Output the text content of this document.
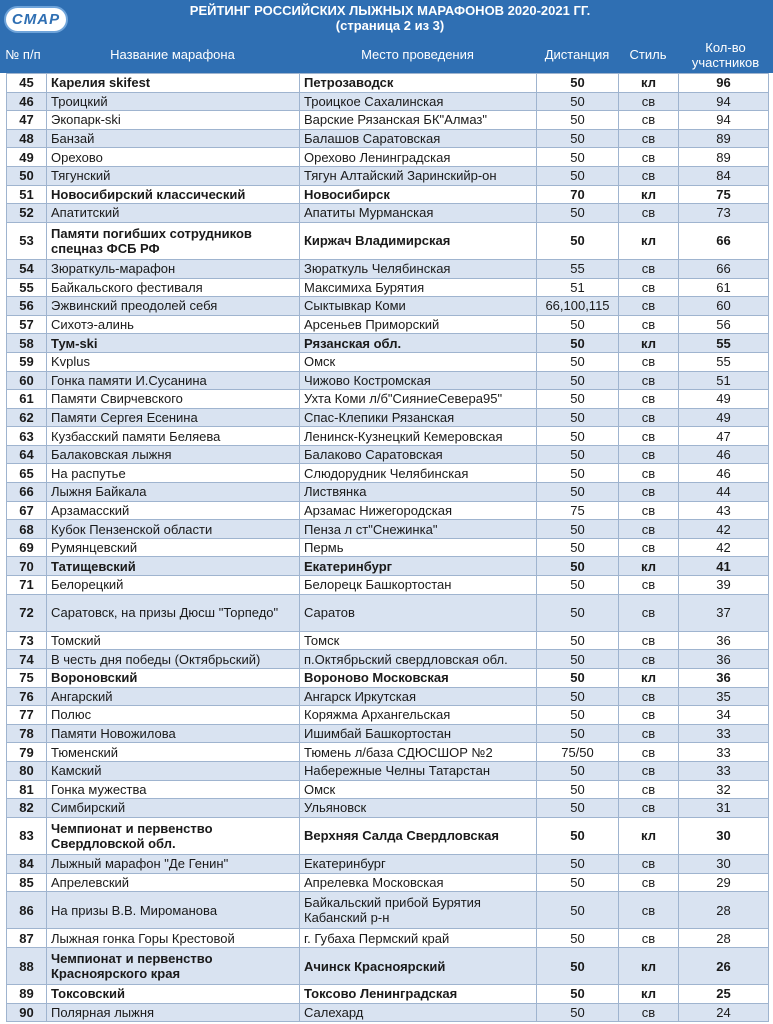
СМАР
РЕЙТИНГ РОССИЙСКИХ ЛЫЖНЫХ МАРАФОНОВ 2020-2021 ГГ.
(страница 2 из 3)
№ п/п	Название марафона	Место проведения	Дистанция	Стиль	Кол-во участников
45	Карелия skifest	Петрозаводск	50	кл	96
46	Троицкий	Троицкое Сахалинская	50	св	94
47	Экопарк-ski	Варские Рязанская БК"Алмаз"	50	св	94
48	Банзай	Балашов Саратовская	50	св	89
49	Орехово	Орехово Ленинградская	50	св	89
50	Тягунский	Тягун Алтайский Заринскийр-он	50	св	84
51	Новосибирский классический	Новосибирск	70	кл	75
52	Апатитский	Апатиты Мурманская	50	св	73
53	Памяти погибших сотрудников спецназ ФСБ РФ	Киржач Владимирская	50	кл	66
54	Зюраткуль-марафон	Зюраткуль Челябинская	55	св	66
55	Байкальского фестиваля	Максимиха Бурятия	51	св	61
56	Эжвинский преодолей себя	Сыктывкар Коми	66,100,115	св	60
57	Сихотэ-алинь	Арсеньев Приморский	50	св	56
58	Тум-ski	Рязанская обл.	50	кл	55
59	Kvplus	Омск	50	св	55
60	Гонка памяти И.Сусанина	Чижово Костромская	50	св	51
61	Памяти Свирчевского	Ухта Коми л/б"СияниеСевера95"	50	св	49
62	Памяти Сергея Есенина	Спас-Клепики Рязанская	50	св	49
63	Кузбасский памяти Беляева	Ленинск-Кузнецкий Кемеровская	50	св	47
64	Балаковская лыжня	Балаково Саратовская	50	св	46
65	На распутье	Слюдорудник Челябинская	50	св	46
66	Лыжня Байкала	Листвянка	50	св	44
67	Арзамасский	Арзамас Нижегородская	75	св	43
68	Кубок Пензенской области	Пенза л ст"Снежинка"	50	св	42
69	Румянцевский	Пермь	50	св	42
70	Татищевский	Екатеринбург	50	кл	41
71	Белорецкий	Белорецк Башкортостан	50	св	39
72	Саратовск, на призы Дюсш "Торпедо"	Саратов	50	св	37
73	Томский	Томск	50	св	36
74	В честь дня победы (Октябрьский)	п.Октябрьский свердловская обл.	50	св	36
75	Вороновский	Вороново Московская	50	кл	36
76	Ангарский	Ангарск Иркутская	50	св	35
77	Полюс	Коряжма Архангельская	50	св	34
78	Памяти Новожилова	Ишимбай Башкортостан	50	св	33
79	Тюменский	Тюмень л/база СДЮСШОР №2	75/50	св	33
80	Камский	Набережные Челны Татарстан	50	св	33
81	Гонка мужества	Омск	50	св	32
82	Симбирский	Ульяновск	50	св	31
83	Чемпионат и первенство Свердловской обл.	Верхняя Салда Свердловская	50	кл	30
84	Лыжный марафон "Де Генин"	Екатеринбург	50	св	30
85	Апрелевский	Апрелевка Московская	50	св	29
86	На призы В.В. Миромановa	Байкальский прибой Бурятия Кабанский р-н	50	св	28
87	Лыжная гонка Горы Крестовой	г. Губаха Пермский край	50	св	28
88	Чемпионат и первенство Красноярского края	Ачинск Красноярский	50	кл	26
89	Токсовский	Токсово Ленинградская	50	кл	25
90	Полярная лыжня	Салехард	50	св	24
